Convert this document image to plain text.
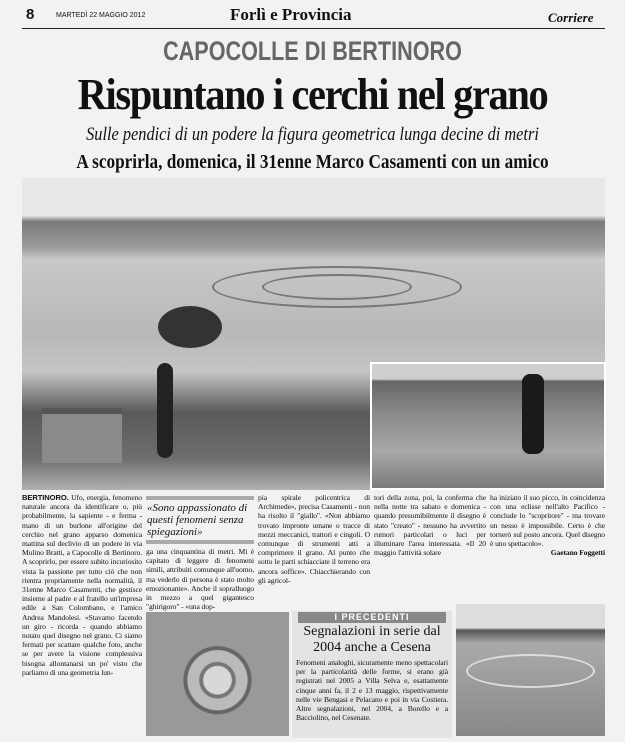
8	MARTEDÌ 22 MAGGIO 2012	Forlì e Provincia	Corriere
CAPOCOLLE DI BERTINORO
Rispuntano i cerchi nel grano
Sulle pendici di un podere la figura geometrica lunga decine di metri
A scoprirla, domenica, il 31enne Marco Casamenti con un amico
BERTINORO. Ufo, energia, fenomeno naturale ancora da identificare o, più probabilmente, la sapiente - e ferma - mano di un burlone all'origine del cerchio nel grano apparso domenica mattina sul declivio di un podere in via Mulino Bratti, a Capocolle di Bertinoro. A scoprirlo, per essere subito incuriosito vista la passione per tutto ciò che non rientra propriamente nella normalità, il 31enne Marco Casamenti, che gestisce insieme al padre e al fratello un'impresa edile a San Colombano, e l'amico Andrea Mandolesi. «Stavamo facendo un giro - ricorda - quando abbiamo notato quel disegno nel grano. Ci siamo fermati per scattare qualche foto, anche se per avere la visione complessiva bisogna allontanarsi un po' visto che parliamo di una geometria lun-
«Sono appassionato di questi fenomeni senza spiegazioni»
ga una cinquantina di metri. Mi è capitato di leggere di fenomeni simili, attribuiti comunque all'uomo, ma vederlo di persona è stato molto emozionante». Anche il sopralluogo in mezzo a quel gigantesco "ghirigoro" - «una dop-
pia spirale policentrica di Archimede», precisa Casamenti - non ha risolto il "giallo". «Non abbiamo trovato impronte umane o tracce di mezzi meccanici, trattori e cingoli. O comunque di strumenti atti a comprimere il grano. Al punto che sotto le parti schiacciate il terreno era ancora soffice». Chiacchierando con gli agricol-
tori della zona, poi, la conferma che nella notte tra sabato e domenica - quando presumibilmente il disegno è stato "creato" - nessuno ha avvertito rumori particolari o luci per illuminare l'area interessata. «Il 20 maggio l'attività solare
ha iniziato il suo picco, in coincidenza con una eclisse nell'alto Pacifico - conclude lo "scopritore" - ma trovare un nesso è impossibile. Certo è che tornerò sul posto ancora. Quel disegno è uno spettacolo».
Gaetano Foggetti
I PRECEDENTI
Segnalazioni in serie dal 2004 anche a Cesena
Fenomeni analoghi, sicuramente meno spettacolari per la particolarità delle forme, si erano già registrati nel 2005 a Villa Selva e, esattamente cinque anni fa, il 2 e 13 maggio, rispettivamente nelle vie Bengasi e Pelacano e poi in via Costiera. Altre segnalazioni, nel 2004, a Borello e a Bacciolino, nel Cesenate.
